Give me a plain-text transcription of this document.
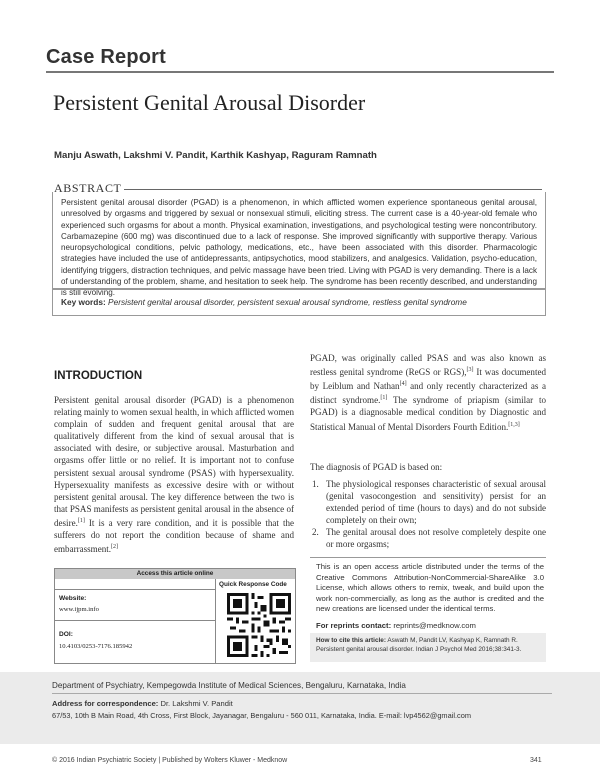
Case Report
Persistent Genital Arousal Disorder
Manju Aswath, Lakshmi V. Pandit, Karthik Kashyap, Raguram Ramnath
ABSTRACT
Persistent genital arousal disorder (PGAD) is a phenomenon, in which afflicted women experience spontaneous genital arousal, unresolved by orgasms and triggered by sexual or nonsexual stimuli, eliciting stress. The current case is a 40-year-old female who experienced such orgasms for about a month. Physical examination, investigations, and psychological testing were noncontributory. Carbamazepine (600 mg) was discontinued due to a lack of response. She improved significantly with supportive therapy. Various neuropsychological conditions, pelvic pathology, medications, etc., have been associated with this disorder. Pharmacologic strategies have included the use of antidepressants, antipsychotics, mood stabilizers, and analgesics. Validation, psycho-education, identifying triggers, distraction techniques, and pelvic massage have been tried. Living with PGAD is very demanding. There is a lack of understanding of the problem, shame, and hesitation to seek help. The syndrome has been recently described, and understanding is still evolving.
Key words: Persistent genital arousal disorder, persistent sexual arousal syndrome, restless genital syndrome
INTRODUCTION
Persistent genital arousal disorder (PGAD) is a phenomenon relating mainly to women sexual health, in which afflicted women complain of sudden and frequent genital arousal that are qualitatively different from the kind of sexual arousal that is associated with desire, or subjective arousal. Masturbation and orgasms offer little or no relief. It is important not to confuse persistent sexual arousal syndrome (PSAS) with hypersexuality. Hypersexuality manifests as excessive desire with or without persistent genital arousal. The key difference between the two is that PSAS manifests as persistent genital arousal in the absence of desire.[1] It is a very rare condition, and it is possible that the sufferers do not report the condition because of shame and embarrassment.[2]
PGAD, was originally called PSAS and was also known as restless genital syndrome (ReGS or RGS),[3] It was documented by Leiblum and Nathan[4] and only recently characterized as a distinct syndrome.[1] The syndrome of priapism (similar to PGAD) is a diagnosable medical condition by Diagnostic and Statistical Manual of Mental Disorders Fourth Edition.[1,3]
The diagnosis of PGAD is based on:
1. The physiological responses characteristic of sexual arousal (genital vasocongestion and sensitivity) persist for an extended period of time (hours to days) and do not subside completely on their own;
2. The genital arousal does not resolve completely despite one or more orgasms;
This is an open access article distributed under the terms of the Creative Commons Attribution-NonCommercial-ShareAlike 3.0 License, which allows others to remix, tweak, and build upon the work non-commercially, as long as the author is credited and the new creations are licensed under the identical terms.
For reprints contact: reprints@medknow.com
How to cite this article: Aswath M, Pandit LV, Kashyap K, Ramnath R. Persistent genital arousal disorder. Indian J Psychol Med 2016;38:341-3.
Access this article online
Quick Response Code
Website:
www.ijpm.info
DOI:
10.4103/0253-7176.185942
Department of Psychiatry, Kempegowda Institute of Medical Sciences, Bengaluru, Karnataka, India
Address for correspondence: Dr. Lakshmi V. Pandit
67/53, 10th B Main Road, 4th Cross, First Block, Jayanagar, Bengaluru - 560 011, Karnataka, India. E-mail: lvp4562@gmail.com
© 2016 Indian Psychiatric Society | Published by Wolters Kluwer - Medknow	341
